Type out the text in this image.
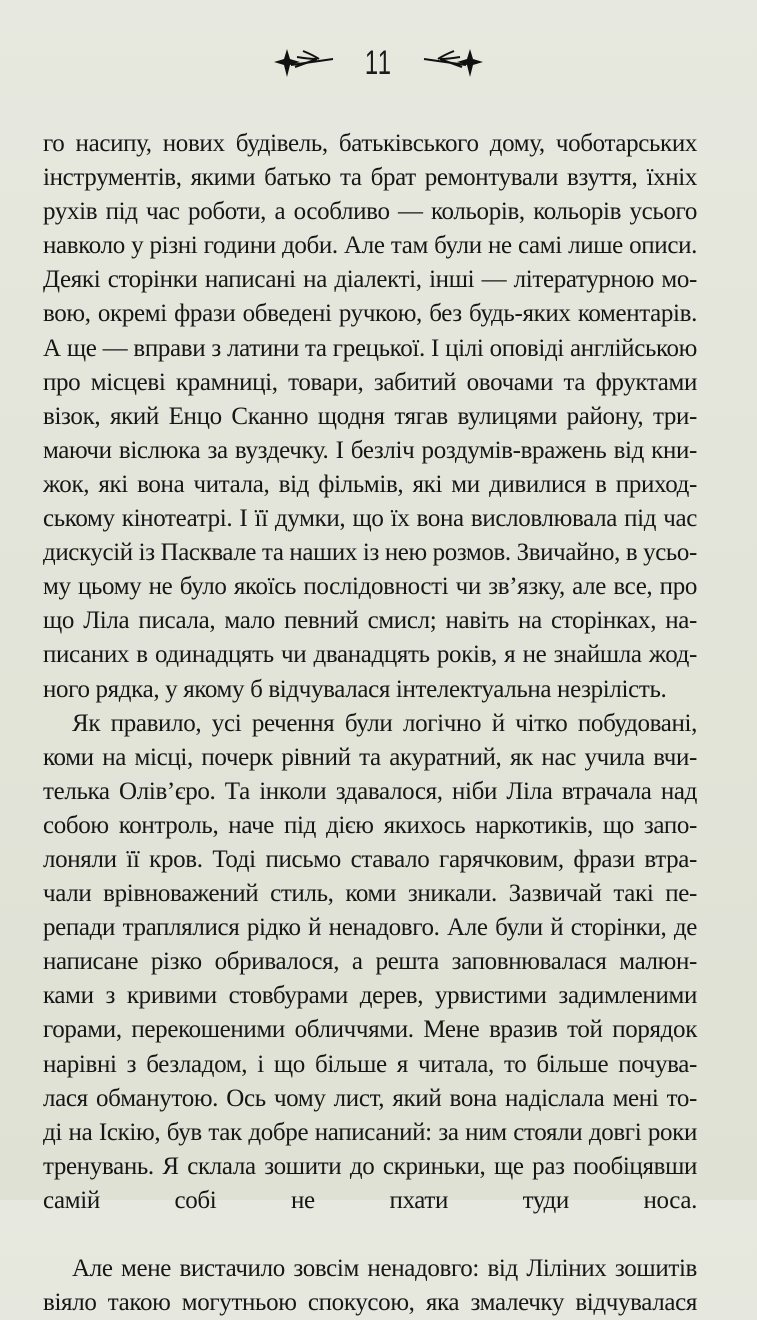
11
го насипу, нових будівель, батьківського дому, чоботарських
інструментів, якими батько та брат ремонтували взуття, їхніх
рухів під час роботи, а особливо — кольорів, кольорів усього
навколо у різні години доби. Але там були не самі лише описи.
Деякі сторінки написані на діалекті, інші — літературною мо-
вою, окремі фрази обведені ручкою, без будь-яких коментарів.
А ще — вправи з латини та грецької. І цілі оповіді англійською
про місцеві крамниці, товари, забитий овочами та фруктами
візок, який Енцо Сканно щодня тягав вулицями району, три-
маючи віслюка за вуздечку. І безліч роздумів-вражень від кни-
жок, які вона читала, від фільмів, які ми дивилися в приход-
ському кінотеатрі. І її думки, що їх вона висловлювала під час
дискусій із Пасквале та наших із нею розмов. Звичайно, в усьо-
му цьому не було якоїсь послідовності чи зв’язку, але все, про
що Ліла писала, мало певний смисл; навіть на сторінках, на-
писаних в одинадцять чи дванадцять років, я не знайшла жод-
ного рядка, у якому б відчувалася інтелектуальна незрілість.
Як правило, усі речення були логічно й чітко побудовані,
коми на місці, почерк рівний та акуратний, як нас учила вчи-
телька Олів’єро. Та інколи здавалося, ніби Ліла втрачала над
собою контроль, наче під дією якихось наркотиків, що запо-
лоняли її кров. Тоді письмо ставало гарячковим, фрази втра-
чали врівноважений стиль, коми зникали. Зазвичай такі пе-
репади траплялися рідко й ненадовго. Але були й сторінки, де
написане різко обривалося, а решта заповнювалася малюн-
ками з кривими стовбурами дерев, урвистими задимленими
горами, перекошеними обличчями. Мене вразив той порядок
нарівні з безладом, і що більше я читала, то більше почува-
лася обманутою. Ось чому лист, який вона надіслала мені то-
ді на Іскію, був так добре написаний: за ним стояли довгі роки
тренувань. Я склала зошити до скриньки, ще раз пообіцявши
самій собі не пхати туди носа.
Але мене вистачило зовсім ненадовго: від Ліліних зошитів
віяло такою могутньою спокусою, яка змалечку відчувалася
